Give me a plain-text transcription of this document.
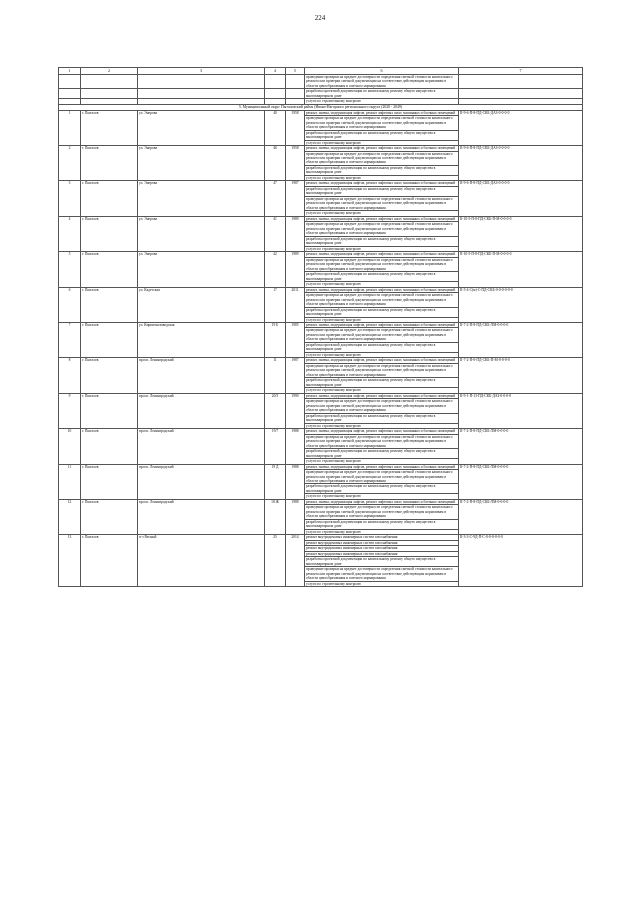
224
1	2	3	4	5	6	7
					проведение проверки на предмет достоверности определения сметной стоимости капитального ремонта или проверки сметной документации на соответствие действующим нормативам в области ценообразования и сметного нормирования	
					разработка проектной документации по капитальному ремонту общего имущества в многоквартирном доме	
					услуги по строительному контролю	
5. Муниципальный округ Пыталовский район (Ивано-Нагорного регионального округа (2020 - 2049)						
1	г. Пыталов	ул. Энерова	40	1958	ремонт, замена, модернизация лифтов, ремонт лифтовых шахт, машинных и блочных помещений	II-9-6-П-8-ПД-СКБ-ДАЗ-0-0-0-0
					проведение проверки на предмет достоверности определения сметной стоимости капитального ремонта или проверки сметной документации на соответствие действующим нормативам в области ценообразования и сметного нормирования	
					разработка проектной документации по капитальному ремонту общего имущества в многоквартирном доме	
					услуги по строительному контролю	
2	г. Пыталов	ул. Энерова	46	1958	ремонт, замена, модернизация лифтов, ремонт лифтовых шахт, машинных и блочных помещений	II-9-6-П-8-ПД-СКБ-ДАЗ-0-0-0-0
					проведение проверки на предмет достоверности определения сметной стоимости капитального ремонта или проверки сметной документации на соответствие действующим нормативам в области ценообразования и сметного нормирования	
					разработка проектной документации по капитальному ремонту общего имущества в многоквартирном доме	
					услуги по строительному контролю	
3	г. Пыталов	ул. Энерова	47	1987	ремонт, замена, модернизация лифтов, ремонт лифтовых шахт, машинных и блочных помещений	II-9-6-П-8-ПД-СКБ-ДАЗ-0-0-0-0
					разработка проектной документации по капитальному ремонту общего имущества в многоквартирном доме	
					проведение проверки на предмет достоверности определения сметной стоимости капитального ремонта или проверки сметной документации на соответствие действующим нормативам в области ценообразования и сметного нормирования	
					услуги по строительному контролю	
4	г. Пыталов	ул. Энерова	41	1989	ремонт, замена, модернизация лифтов, ремонт лифтовых шахт, машинных и блочных помещений	II-10-5-П-8-ПД-СКБ-П-М-0-0-0-0
					проведение проверки на предмет достоверности определения сметной стоимости капитального ремонта или проверки сметной документации на соответствие действующим нормативам в области ценообразования и сметного нормирования	
					разработка проектной документации по капитальному ремонту общего имущества в многоквартирном доме	
					услуги по строительному контролю	
5	г. Пыталов	ул. Энерова	42	1989	ремонт, замена, модернизация лифтов, ремонт лифтовых шахт, машинных и блочных помещений	II-10-5-П-8-ПД-СКБ-П-М-0-0-0-0
					проведение проверки на предмет достоверности определения сметной стоимости капитального ремонта или проверки сметной документации на соответствие действующим нормативам в области ценообразования и сметного нормирования	
					разработка проектной документации по капитальному ремонту общего имущества в многоквартирном доме	
					услуги по строительному контролю	
6	г. Пыталов	ул. Кадетская	17	2011	ремонт, замена, модернизация лифтов, ремонт лифтовых шахт, машинных и блочных помещений	II-5-4-С(м)-С-ПД-СКБ-0-0-0-0-0-0
					проведение проверки на предмет достоверности определения сметной стоимости капитального ремонта или проверки сметной документации на соответствие действующим нормативам в области ценообразования и сметного нормирования	
					разработка проектной документации по капитальному ремонту общего имущества в многоквартирном доме	
					услуги по строительному контролю	
7	г. Пыталов	ул. Кирпичнозаводская	19 Б	1985	ремонт, замена, модернизация лифтов, ремонт лифтовых шахт, машинных и блочных помещений	II-7-2-П-8-ПД-СКБ-ЛМ-0-0-0-0
					проведение проверки на предмет достоверности определения сметной стоимости капитального ремонта или проверки сметной документации на соответствие действующим нормативам в области ценообразования и сметного нормирования	
					разработка проектной документации по капитальному ремонту общего имущества в многоквартирном доме	
					услуги по строительному контролю	
8	г. Пыталов	просп. Ленинградский	11	1987	ремонт, замена, модернизация лифтов, ремонт лифтовых шахт, машинных и блочных помещений	II-7-2-П-0-ПД-СКБ-П-М-0-0-0-0
					проведение проверки на предмет достоверности определения сметной стоимости капитального ремонта или проверки сметной документации на соответствие действующим нормативам в области ценообразования и сметного нормирования	
					разработка проектной документации по капитальному ремонту общего имущества в многоквартирном доме	
					услуги по строительному контролю	
9	г. Пыталов	просп. Ленинградский	20/3	1990	ремонт, замена, модернизация лифтов, ремонт лифтовых шахт, машинных и блочных помещений	II-9-1-П-13-ПД-СКБ-ДАЗ-0-0-0-0
					проведение проверки на предмет достоверности определения сметной стоимости капитального ремонта или проверки сметной документации на соответствие действующим нормативам в области ценообразования и сметного нормирования	
					разработка проектной документации по капитальному ремонту общего имущества в многоквартирном доме	
					услуги по строительному контролю	
10	г. Пыталов	просп. Ленинградский	19/7	1988	ремонт, замена, модернизация лифтов, ремонт лифтовых шахт, машинных и блочных помещений	II-7-2-П-8-ПД-СКБ-ЛМ-0-0-0-0
					проведение проверки на предмет достоверности определения сметной стоимости капитального ремонта или проверки сметной документации на соответствие действующим нормативам в области ценообразования и сметного нормирования	
					разработка проектной документации по капитальному ремонту общего имущества в многоквартирном доме	
					услуги по строительному контролю	
11	г. Пыталов	просп. Ленинградский	19 Д	1988	ремонт, замена, модернизация лифтов, ремонт лифтовых шахт, машинных и блочных помещений	II-7-2-П-8-ПД-СКБ-ЛМ-0-0-0-0
					проведение проверки на предмет достоверности определения сметной стоимости капитального ремонта или проверки сметной документации на соответствие действующим нормативам в области ценообразования и сметного нормирования	
					разработка проектной документации по капитальному ремонту общего имущества в многоквартирном доме	
					услуги по строительному контролю	
12	г. Пыталов	просп. Ленинградский	18 Ж	1988	ремонт, замена, модернизация лифтов, ремонт лифтовых шахт, машинных и блочных помещений	II-7-2-П-8-ПД-СКБ-ЛМ-0-0-0-0
					проведение проверки на предмет достоверности определения сметной стоимости капитального ремонта или проверки сметной документации на соответствие действующим нормативам в области ценообразования и сметного нормирования	
					разработка проектной документации по капитальному ремонту общего имущества в многоквартирном доме	
					услуги по строительному контролю	
13	г. Пыталов	п-з Весный	25	2014	ремонт внутридомовых инженерных систем газоснабжения	II-3-3-С-9Д-П-С-0-0-0-0-0-0
					ремонт внутридомовых инженерных систем газоснабжения	
					ремонт внутридомовых инженерных систем газоснабжения	
					ремонт внутридомовых инженерных систем газоснабжения	
					разработка проектной документации по капитальному ремонту общего имущества в многоквартирном доме	
					проведение проверки на предмет достоверности определения сметной стоимости капитального ремонта или проверки сметной документации на соответствие действующим нормативам в области ценообразования и сметного нормирования	
					услуги по строительному контролю	
